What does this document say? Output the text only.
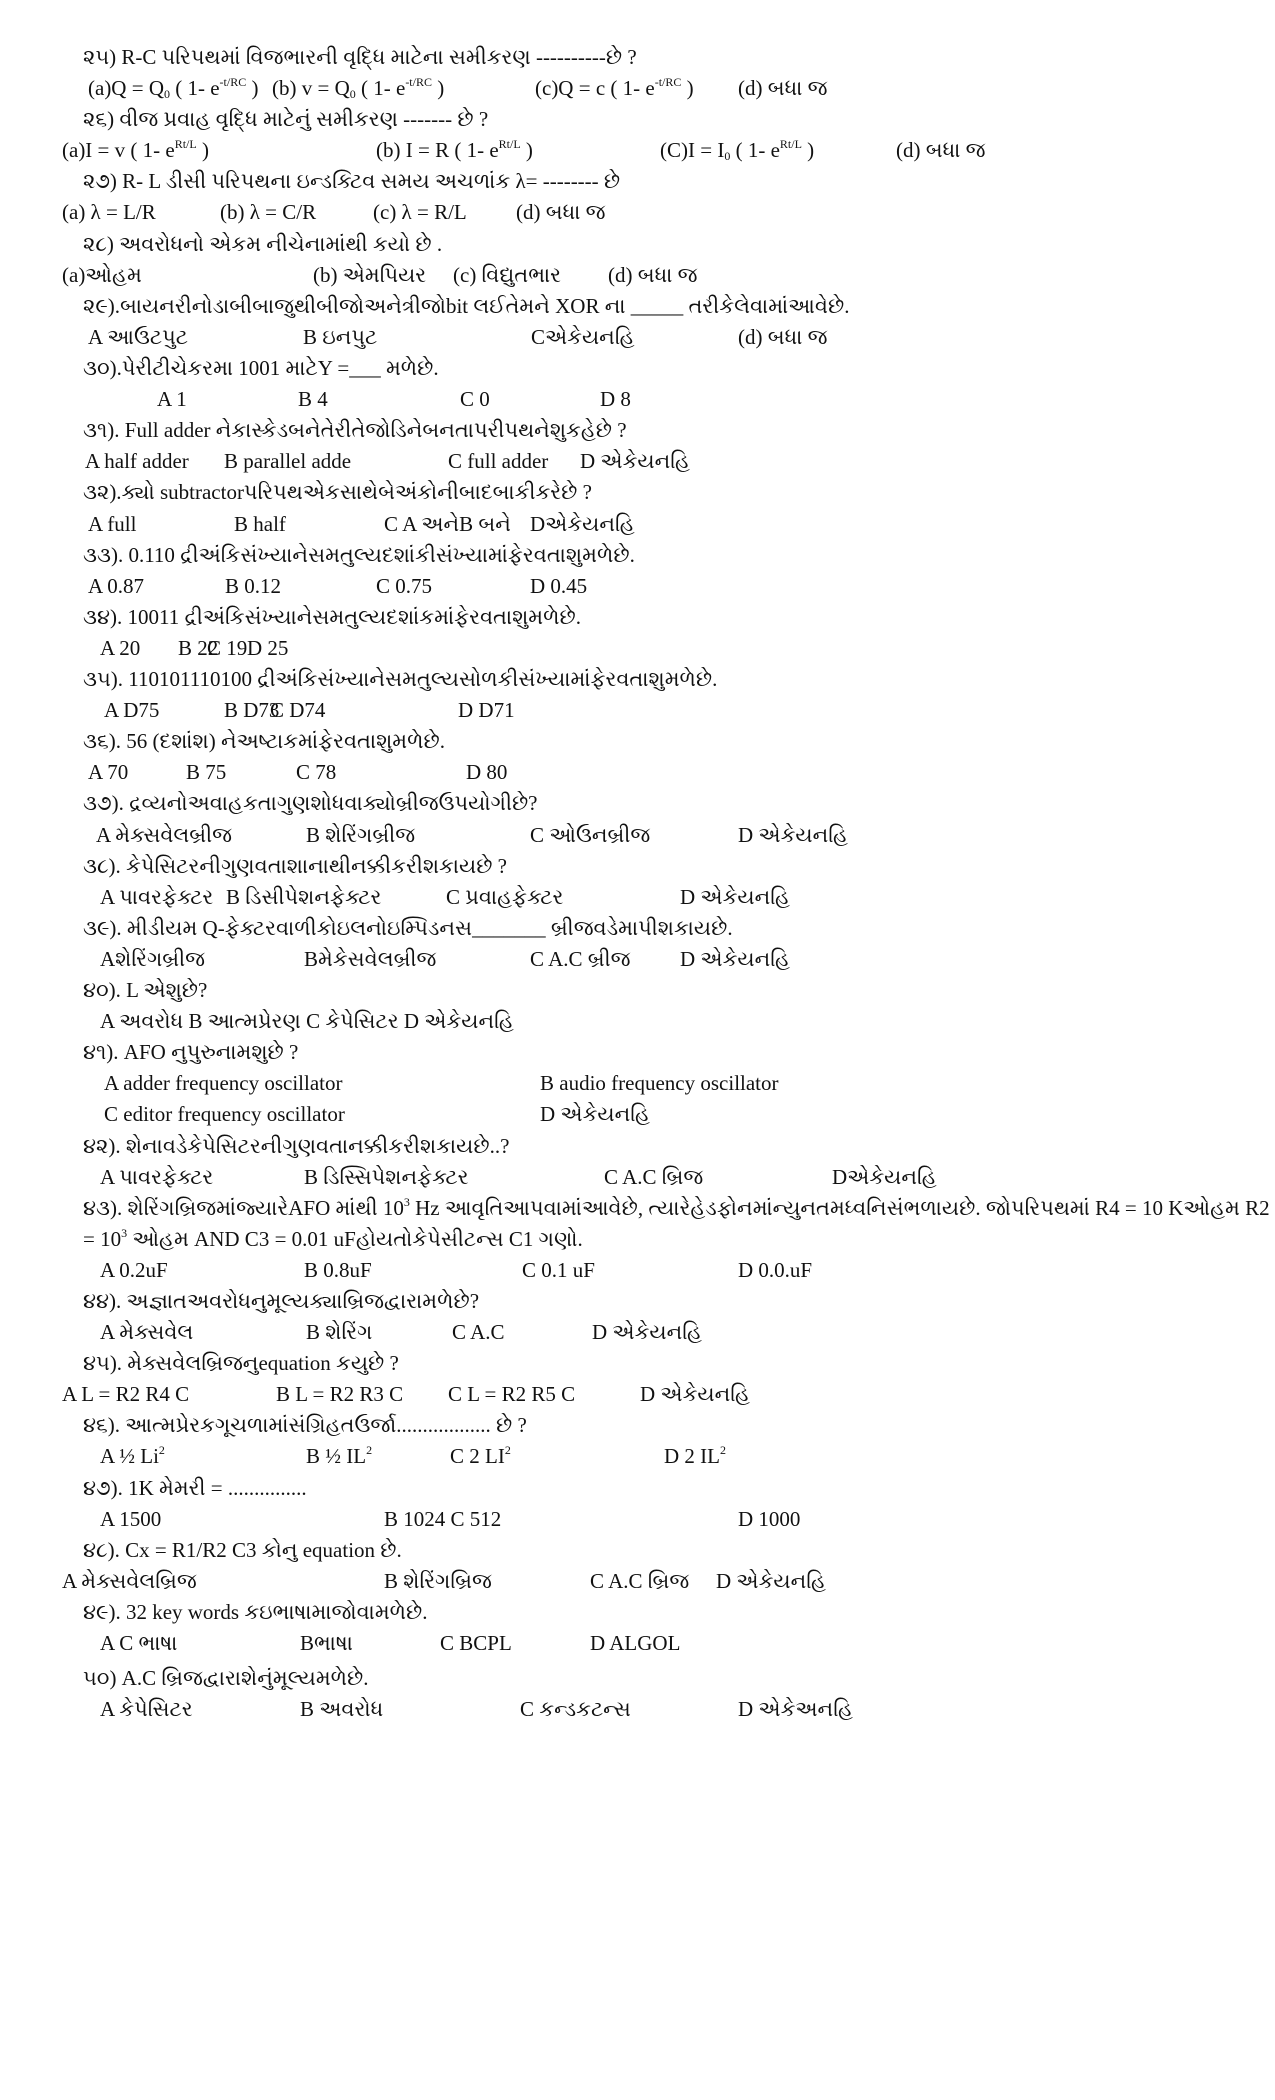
૨૫) R-C પરિપથમાં વિજભારની વૃદ્ધિ માટેના સમીકરણ ----------છે ?
$(a)Q = Q_0$ ( 1- $e^{-t/RC}$ ) (b) $v = Q_0$ ( 1- $e^{-t/RC}$ )	(c)Q = c ( 1- $e^{-t/RC}$ ) (d) બધા જ
૨૬) વીજ પ્રવાહ વૃદ્ધિ માટેનું સમીકરણ ------- છે ?
(a)I = v ( 1- $e^{Rt/L}$ )	(b) I = R ( 1- $e^{Rt/L}$ )	$(C)I = I_0$ ( 1- $e^{Rt/L}$ )	(d) બધા જ
૨૭) R- L ડીસી પરિપથના ઇન્ડક્ટિવ સમય અચળાંક λ= -------- છે
(a) λ = L/R	(b) λ = C/R	(c) λ = R/L (d) બધા જ
૨૮) અવરોધનો એકમ નીચેનામાંથી કયો છે .
(a)ઓહમ	(b) એમપિયર (c) વિદ્યુતભાર (d) બધા જ
૨૯).બાયનરીનોડાબીબાજુથીબીજોઅનેત્રીજોbit લઈતેમને XOR ના _____ તરીકેલેવામાંઆવેછે.
A આઉટપુટ	B ઇનપુટ	Cએકેયનહિ	(d) બધા જ
૩૦).પેરીટીચેકરમા 1001 માટેY =___ મળેછે.
A 1	B 4	C 0	D 8
૩૧). Full adder નેકાસ્કેડબનેતેરીતેજોડિનેબનતાપરીપથનેશુકહેછે ?
A half adder B parallel adde	C full adder D એકેયનહિ
૩૨).ક્યો subtractorપરિપથએકસાથેબેઅંકોનીબાદબાકીકરેછે ?
A full	B half	C A અનેB બને Dએકેયનહિ
૩૩). 0.110 દ્રીઅંકિસંખ્યાનેસમતુલ્યદશાંકીસંખ્યામાંફેરવતાશુમળેછે.
A 0.87	B 0.12	C 0.75	D 0.45
૩૪). 10011 દ્રીઅંકિસંખ્યાનેસમતુલ્યદશાંકમાંફેરવતાશુમળેછે.
A 20 B 22
C 19 D 25
૩૫). 110101110100 દ્રીઅંકિસંખ્યાનેસમતુલ્યસોળકીસંખ્યામાંફેરવતાશુમળેછે.
A D75	B D73
C D74	D D71
૩૬). 56 (દશાંશ) નેઅષ્ટાકમાંફેરવતાશુમળેછે.
A 70	B 75	C 78	D 80
૩૭). દ્રવ્યનોઅવાહકતાગુણશોધવાક્યોબ્રીજઉપયોગીછે?
A મેક્સવેલબ્રીજ	B શેરિંગબ્રીજ	C ઓઉનબ્રીજ	D એકેયનહિ
૩૮). કેપેસિટરનીગુણવતાશાનાથીનક્કીકરીશકાયછે ?
A પાવરફેક્ટર B ડિસીપેશનફેક્ટર	C પ્રવાહફેક્ટર	D એકેયનહિ
૩૯). મીડીયમ Q-ફેક્ટરવાળીકોઇલનોઇમ્પિડનસ_______ બ્રીજવડેમાપીશકાયછે.
Aશેરિંગબ્રીજ	Bમેકેસવેલબ્રીજ	C A.C બ્રીજ D એકેયનહિ
૪૦). L એશુછે?
A અવરોધ B આત્મપ્રેરણ C કેપેસિટર D એકેયનહિ
૪૧). AFO નુપુરુનામશુછે ?
A adder frequency oscillator	B audio frequency oscillator
C editor frequency oscillator	D એકેયનહિ
૪૨). શેનાવડેકેપેસિટરનીગુણવતાનક્કીકરીશકાયછે..?
A પાવરફેક્ટર	B ડિસ્સિપેશનફેક્ટર	C A.C બ્રિજ	Dએકેયનહિ
૪૩). શેરિંગબ્રિજમાંજ્યારેAFO માંથી $10^3$ Hz આવૃતિઆપવામાંઆવેછે, ત્યારેહેડફોનમાંન્યુનતમધ્વનિસંભળાયછે. જોપરિપથમાં R4 = 10 Kઓહમ R2
= $10^3$ ઓહમ AND C3 = 0.01 uFહોયતોકેપેસીટન્સ C1 ગણો.
A 0.2uF	B 0.8uF	C 0.1 uF	D 0.0.uF
૪૪). અજ્ઞાતઅવરોધનુમૂલ્યક્યાબ્રિજદ્વારામળેછે?
A મેક્સવેલ	B શેરિંગ	C A.C	D એકેયનહિ
૪૫). મેક્સવેલબ્રિજનુequation કયુછે ?
A L = R2 R4 C	B L = R2 R3 C C L = R2 R5 C	D એકેયનહિ
૪૬). આત્મપ્રેરકગૂચળામાંસંગ્રિહતઉર્જા.................. છે ?
A ½ Li$^2$	B ½ $IL^2$	C 2 $LI^2$	D 2 $IL^2$
૪૭). 1K મેમરી = ...............
A 1500	B 1024 C 512	D 1000
૪૮). Cx = R1/R2 C3 કોનુ equation છે.
A મેક્સવેલબ્રિજ	B શેરિંગબ્રિજ	C A.C બ્રિજ D એકેયનહિ
૪૯). 32 key words કઇભાષામાજોવામળેછે.
A C ભાષા	Bભાષા	C BCPL	D ALGOL
૫૦) A.C બ્રિજદ્વારાશેનુંમૂલ્યમળેછે.
A કેપેસિટર	B અવરોધ	C કન્ડકટન્સ	D એકેઅનહિ
